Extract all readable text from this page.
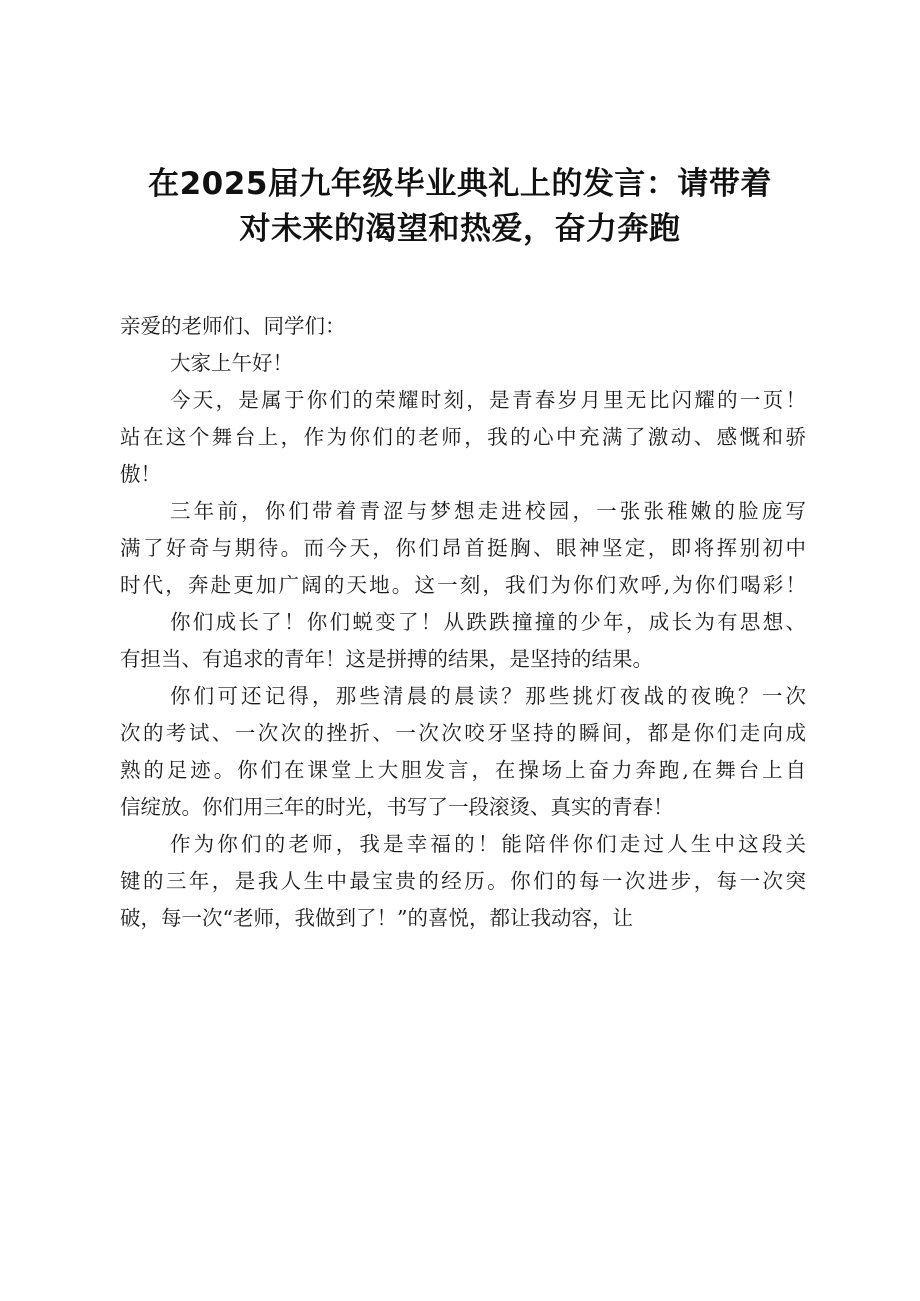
在2025届九年级毕业典礼上的发言：请带着
对未来的渴望和热爱，奋力奔跑
亲爱的老师们、同学们：
大家上午好！
今天，是属于你们的荣耀时刻，是青春岁月里无比闪耀的一页！
站在这个舞台上，作为你们的老师，我的心中充满了激动、感慨和骄
傲！
三年前，你们带着青涩与梦想走进校园，一张张稚嫩的脸庞写
满了好奇与期待。而今天，你们昂首挺胸、眼神坚定，即将挥别初中
时代，奔赴更加广阔的天地。这一刻，我们为你们欢呼,为你们喝彩！
你们成长了！你们蜕变了！从跌跌撞撞的少年，成长为有思想、
有担当、有追求的青年！这是拼搏的结果，是坚持的结果。
你们可还记得，那些清晨的晨读？那些挑灯夜战的夜晚？一次
次的考试、一次次的挫折、一次次咬牙坚持的瞬间，都是你们走向成
熟的足迹。你们在课堂上大胆发言，在操场上奋力奔跑,在舞台上自
信绽放。你们用三年的时光，书写了一段滚烫、真实的青春！
作为你们的老师，我是幸福的！能陪伴你们走过人生中这段关
键的三年，是我人生中最宝贵的经历。你们的每一次进步，每一次突
破，每一次“老师，我做到了！”的喜悦，都让我动容，让
